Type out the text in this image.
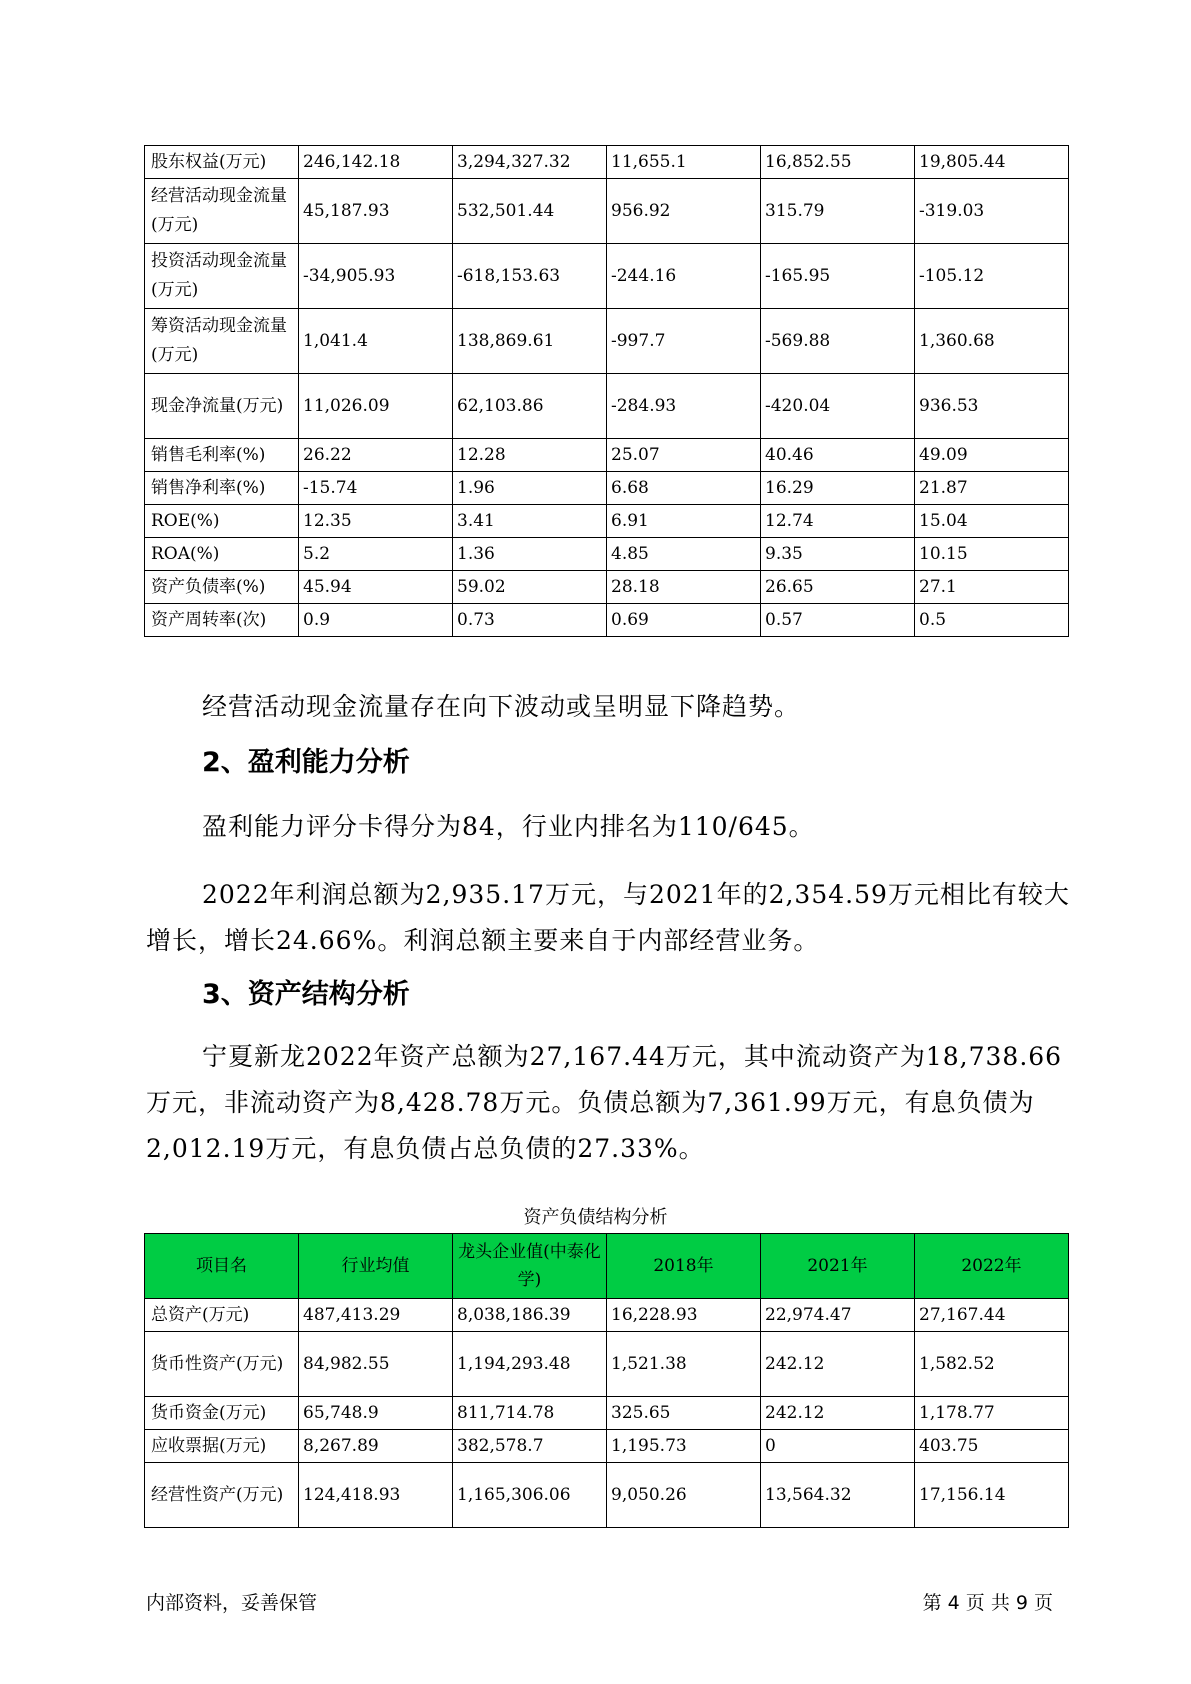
股东权益(万元)	246,142.18	3,294,327.32	11,655.1	16,852.55	19,805.44
经营活动现金流量(万元)	45,187.93	532,501.44	956.92	315.79	-319.03
投资活动现金流量(万元)	-34,905.93	-618,153.63	-244.16	-165.95	-105.12
筹资活动现金流量(万元)	1,041.4	138,869.61	-997.7	-569.88	1,360.68
现金净流量(万元)	11,026.09	62,103.86	-284.93	-420.04	936.53
销售毛利率(%)	26.22	12.28	25.07	40.46	49.09
销售净利率(%)	-15.74	1.96	6.68	16.29	21.87
ROE(%)	12.35	3.41	6.91	12.74	15.04
ROA(%)	5.2	1.36	4.85	9.35	10.15
资产负债率(%)	45.94	59.02	28.18	26.65	27.1
资产周转率(次)	0.9	0.73	0.69	0.57	0.5

经营活动现金流量存在向下波动或呈明显下降趋势。

2、盈利能力分析

盈利能力评分卡得分为84，行业内排名为110/645。

2022年利润总额为2,935.17万元，与2021年的2,354.59万元相比有较大增长，增长24.66%。利润总额主要来自于内部经营业务。

3、资产结构分析

宁夏新龙2022年资产总额为27,167.44万元，其中流动资产为18,738.66万元，非流动资产为8,428.78万元。负债总额为7,361.99万元，有息负债为2,012.19万元，有息负债占总负债的27.33%。

资产负债结构分析

项目名	行业均值	龙头企业值(中泰化学)	2018年	2021年	2022年
总资产(万元)	487,413.29	8,038,186.39	16,228.93	22,974.47	27,167.44
货币性资产(万元)	84,982.55	1,194,293.48	1,521.38	242.12	1,582.52
货币资金(万元)	65,748.9	811,714.78	325.65	242.12	1,178.77
应收票据(万元)	8,267.89	382,578.7	1,195.73	0	403.75
经营性资产(万元)	124,418.93	1,165,306.06	9,050.26	13,564.32	17,156.14
内部资料，妥善保管	第 4 页 共 9 页
